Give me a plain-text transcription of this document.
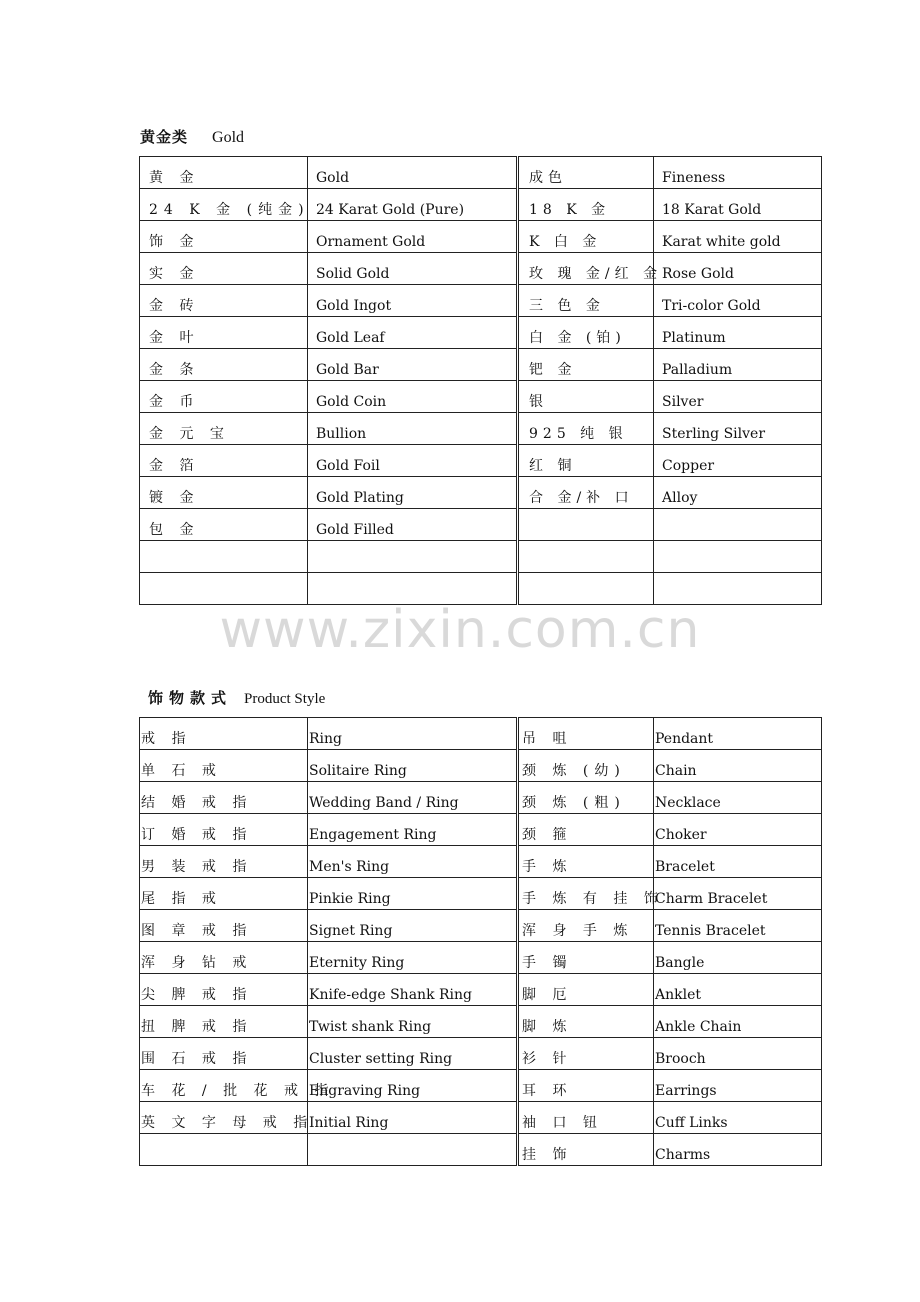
黄金类 Gold
黄 金	Gold	成色	Fineness

24 K 金 (纯金)	24 Karat Gold (Pure)	18 K 金	18 Karat Gold

饰 金	Ornament Gold	K 白 金	Karat white gold

实 金	Solid Gold	玫 瑰 金/红 金	Rose Gold

金 砖	Gold Ingot	三 色 金	Tri-color Gold

金 叶	Gold Leaf	白 金 (铂)	Platinum

金 条	Gold Bar	钯 金	Palladium

金 币	Gold Coin	银	Silver

金 元 宝	Bullion	925 纯 银	Sterling Silver

金 箔	Gold Foil	红 铜	Copper

镀 金	Gold Plating	合 金/补 口	Alloy

包 金	Gold Filled		

www.zixin.com.cn
饰物款式 Product Style
戒 指	Ring	吊 咀	Pendant

单 石 戒	Solitaire Ring	颈 炼 (幼)	Chain

结 婚 戒 指	Wedding Band / Ring	颈 炼 (粗)	Necklace

订 婚 戒 指	Engagement Ring	颈 箍	Choker

男 装 戒 指	Men's Ring	手 炼	Bracelet

尾 指 戒	Pinkie Ring	手 炼 有 挂 饰	Charm Bracelet

图 章 戒 指	Signet Ring	浑 身 手 炼	Tennis Bracelet

浑 身 钻 戒	Eternity Ring	手 镯	Bangle

尖 脾 戒 指	Knife-edge Shank Ring	脚 厄	Anklet

扭 脾 戒 指	Twist shank Ring	脚 炼	Ankle Chain

围 石 戒 指	Cluster setting Ring	衫 针	Brooch

车 花 / 批 花 戒 指	Engraving Ring	耳 环	Earrings

英 文 字 母 戒 指	Initial Ring	袖 口 钮	Cuff Links

		挂 饰	Charms
